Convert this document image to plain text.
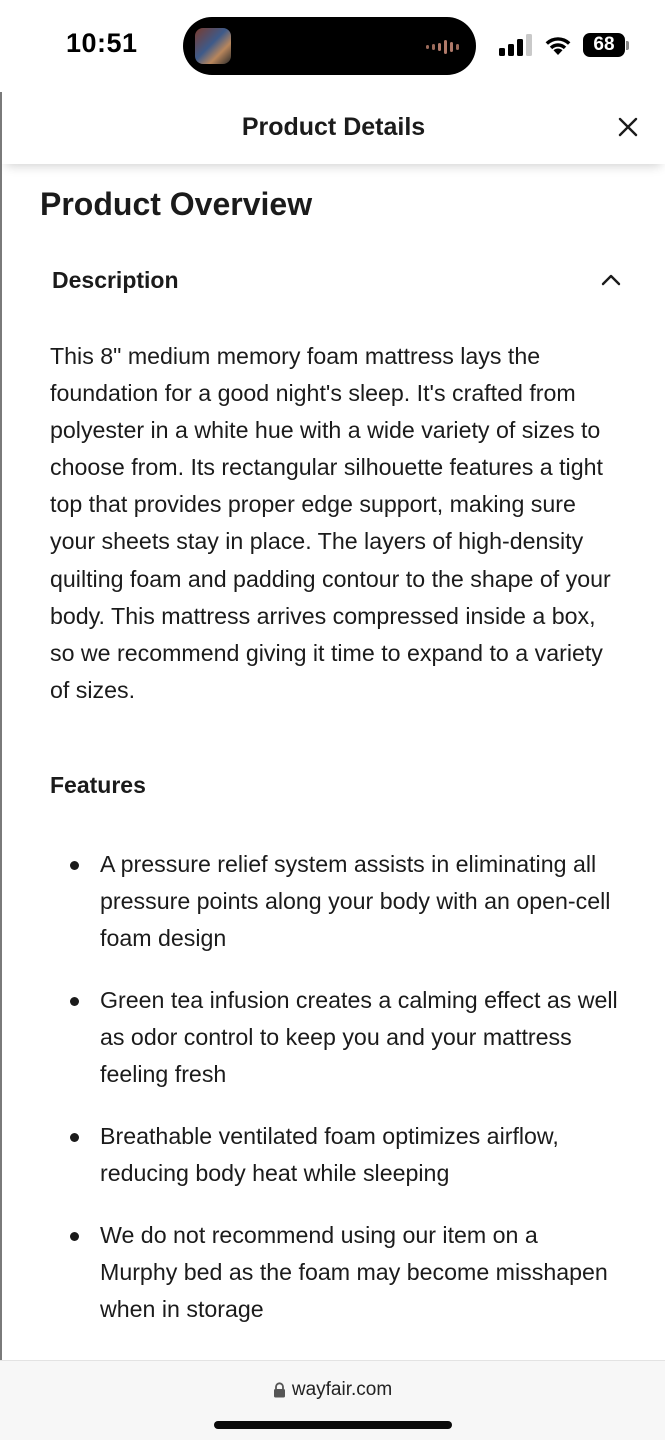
10:51	68
Product Details
Product Overview
Description

This 8" medium memory foam mattress lays the foundation for a good night's sleep. It's crafted from polyester in a white hue with a wide variety of sizes to choose from. Its rectangular silhouette features a tight top that provides proper edge support, making sure your sheets stay in place. The layers of high-density quilting foam and padding contour to the shape of your body. This mattress arrives compressed inside a box, so we recommend giving it time to expand to a variety of sizes.

Features
A pressure relief system assists in eliminating all pressure points along your body with an open-cell foam design
Green tea infusion creates a calming effect as well as odor control to keep you and your mattress feeling fresh
Breathable ventilated foam optimizes airflow, reducing body heat while sleeping
We do not recommend using our item on a Murphy bed as the foam may become misshapen when in storage
wayfair.com
